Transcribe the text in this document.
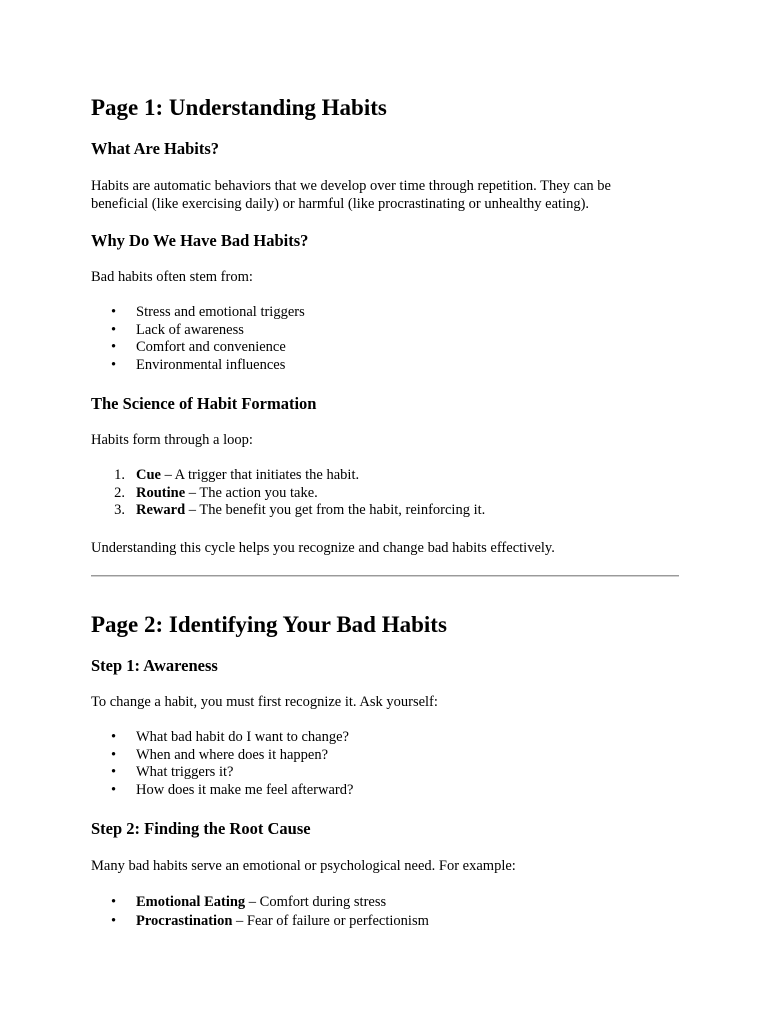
Page 1: Understanding Habits
What Are Habits?

Habits are automatic behaviors that we develop over time through repetition. They can be beneficial (like exercising daily) or harmful (like procrastinating or unhealthy eating).

Why Do We Have Bad Habits?

Bad habits often stem from:

•	Stress and emotional triggers
•	Lack of awareness
•	Comfort and convenience
•	Environmental influences
The Science of Habit Formation

Habits form through a loop:

1. Cue – A trigger that initiates the habit.
2. Routine – The action you take.
3. Reward – The benefit you get from the habit, reinforcing it.

Understanding this cycle helps you recognize and change bad habits effectively.

Page 2: Identifying Your Bad Habits
Step 1: Awareness

To change a habit, you must first recognize it. Ask yourself:

•	What bad habit do I want to change?
•	When and where does it happen?
•	What triggers it?
•	How does it make me feel afterward?
Step 2: Finding the Root Cause

Many bad habits serve an emotional or psychological need. For example:

•	Emotional Eating – Comfort during stress
•	Procrastination – Fear of failure or perfectionism
